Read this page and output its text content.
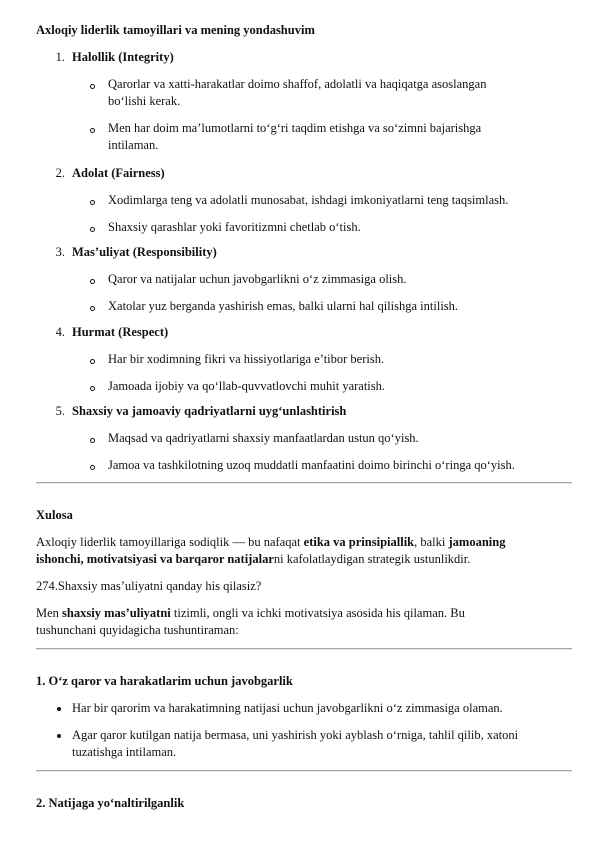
Axloqiy liderlik tamoyillari va mening yondashuvim
1. Halollik (Integrity)
Qarorlar va xatti-harakatlar doimo shaffof, adolatli va haqiqatga asoslangan
bo‘lishi kerak.
Men har doim ma’lumotlarni to‘g‘ri taqdim etishga va so‘zimni bajarishga
intilaman.
2. Adolat (Fairness)
Xodimlarga teng va adolatli munosabat, ishdagi imkoniyatlarni teng taqsimlash.
Shaxsiy qarashlar yoki favoritizmni chetlab o‘tish.
3. Mas’uliyat (Responsibility)
Qaror va natijalar uchun javobgarlikni o‘z zimmasiga olish.
Xatolar yuz berganda yashirish emas, balki ularni hal qilishga intilish.
4. Hurmat (Respect)
Har bir xodimning fikri va hissiyotlariga e’tibor berish.
Jamoada ijobiy va qo‘llab-quvvatlovchi muhit yaratish.
5. Shaxsiy va jamoaviy qadriyatlarni uyg‘unlashtirish
Maqsad va qadriyatlarni shaxsiy manfaatlardan ustun qo‘yish.
Jamoa va tashkilotning uzoq muddatli manfaatini doimo birinchi o‘ringa qo‘yish.
Xulosa
Axloqiy liderlik tamoyillariga sodiqlik — bu nafaqat etika va prinsipiallik, balki jamoaning
ishonchi, motivatsiyasi va barqaror natijalarni kafolatlaydigan strategik ustunlikdir.
274.Shaxsiy mas’uliyatni qanday his qilasiz?
Men shaxsiy mas’uliyatni tizimli, ongli va ichki motivatsiya asosida his qilaman. Bu
tushunchani quyidagicha tushuntiraman:
1. O‘z qaror va harakatlarim uchun javobgarlik
Har bir qarorim va harakatimning natijasi uchun javobgarlikni o‘z zimmasiga olaman.
Agar qaror kutilgan natija bermasa, uni yashirish yoki ayblash o‘rniga, tahlil qilib, xatoni
tuzatishga intilaman.
2. Natijaga yo‘naltirilganlik
